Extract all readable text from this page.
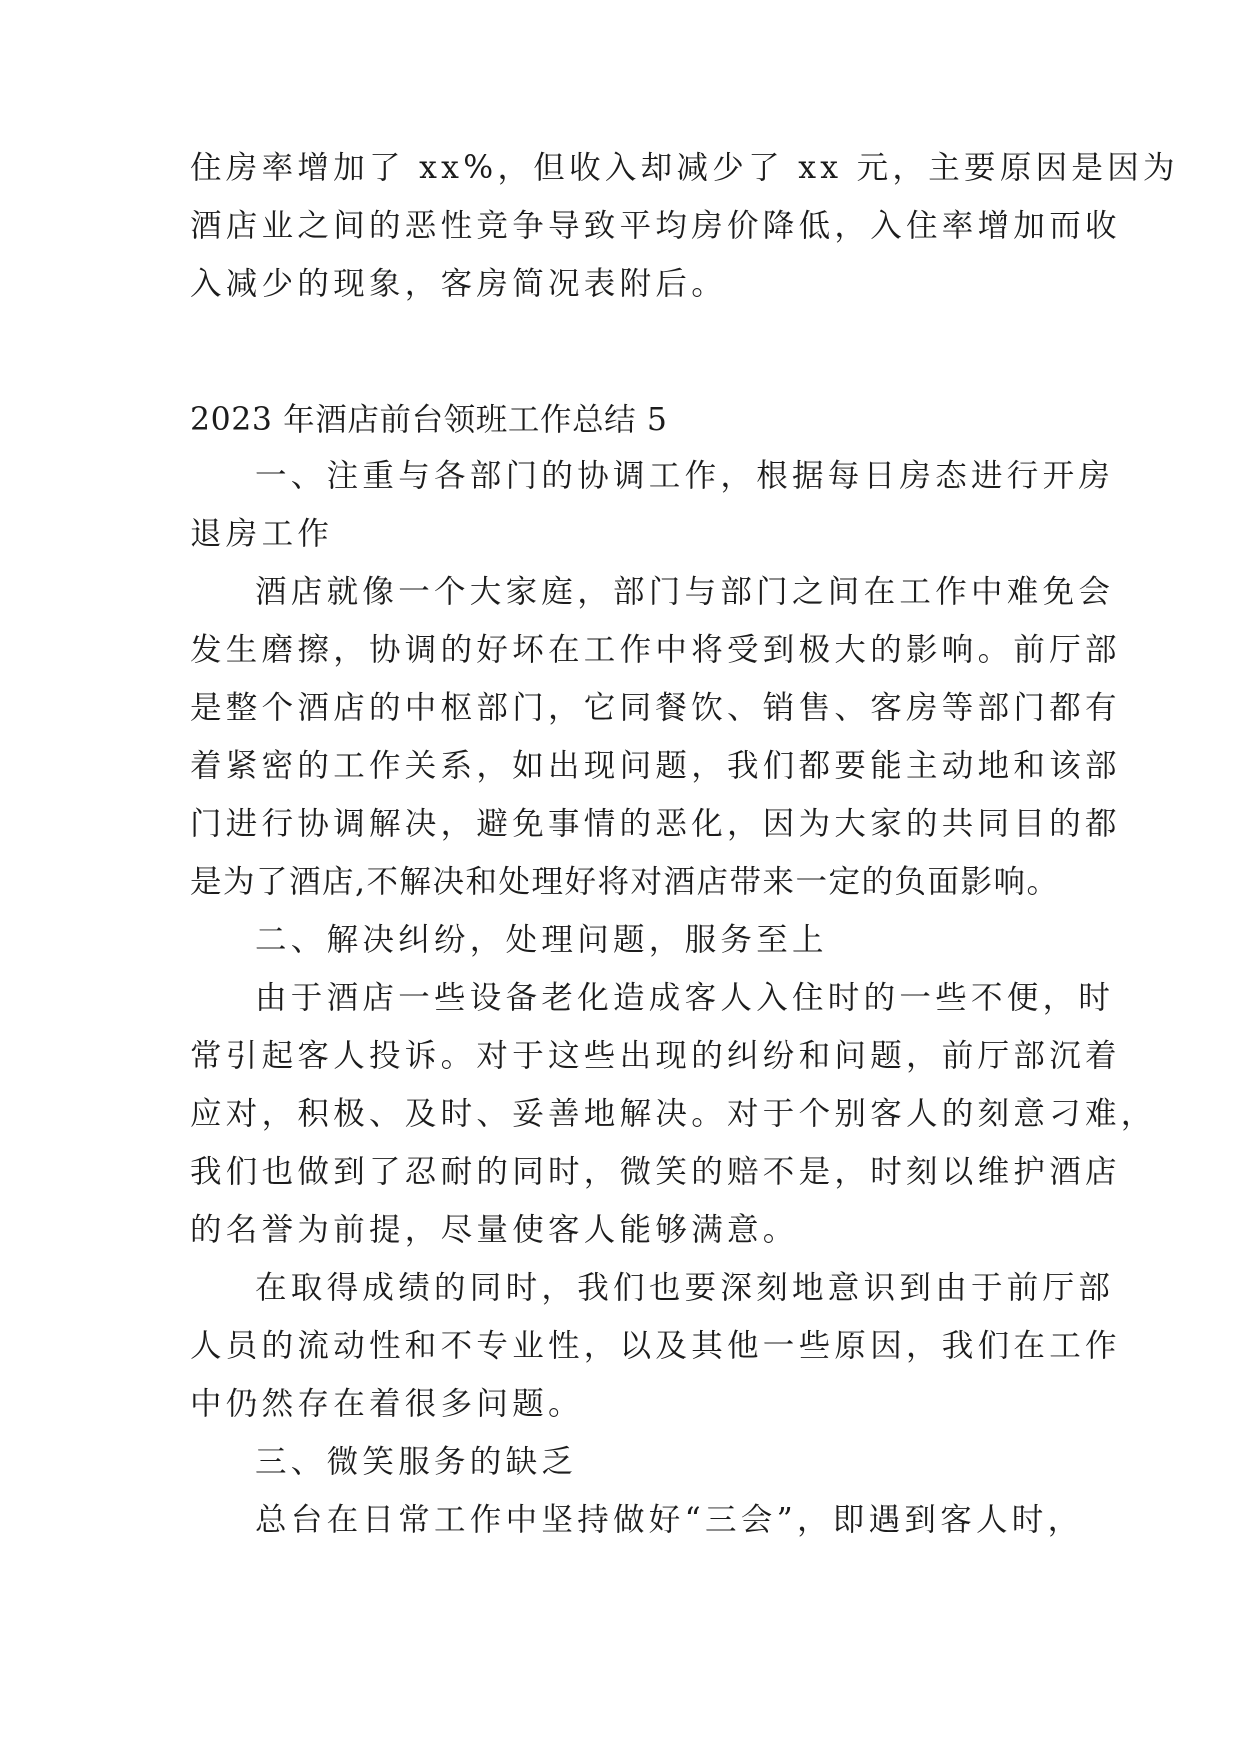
住房率增加了 xx%，但收入却减少了 xx 元，主要原因是因为
酒店业之间的恶性竞争导致平均房价降低，入住率增加而收
入减少的现象，客房简况表附后。
2023 年酒店前台领班工作总结 5
一、注重与各部门的协调工作，根据每日房态进行开房
退房工作
酒店就像一个大家庭，部门与部门之间在工作中难免会
发生磨擦，协调的好坏在工作中将受到极大的影响。前厅部
是整个酒店的中枢部门，它同餐饮、销售、客房等部门都有
着紧密的工作关系，如出现问题，我们都要能主动地和该部
门进行协调解决，避免事情的恶化，因为大家的共同目的都
是为了酒店,不解决和处理好将对酒店带来一定的负面影响。
二、解决纠纷，处理问题，服务至上
由于酒店一些设备老化造成客人入住时的一些不便，时
常引起客人投诉。对于这些出现的纠纷和问题，前厅部沉着
应对，积极、及时、妥善地解决。对于个别客人的刻意刁难，
我们也做到了忍耐的同时，微笑的赔不是，时刻以维护酒店
的名誉为前提，尽量使客人能够满意。
在取得成绩的同时，我们也要深刻地意识到由于前厅部
人员的流动性和不专业性，以及其他一些原因，我们在工作
中仍然存在着很多问题。
三、微笑服务的缺乏
总台在日常工作中坚持做好“三会”，即遇到客人时，
